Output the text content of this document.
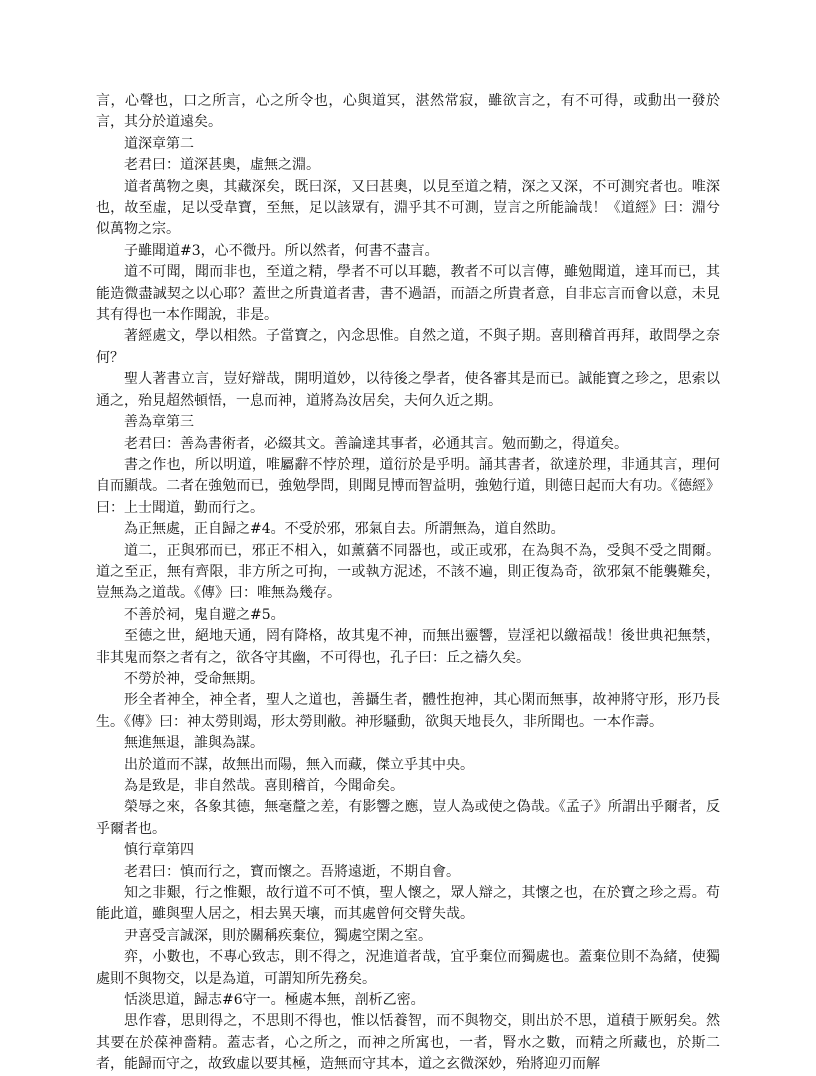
言，心聲也，口之所言，心之所令也，心與道冥，湛然常寂，雖欲言之，有不可得，或動出一發於言，其分於道遠矣。

道深章第二

老君曰：道深甚奧，虛無之淵。

道者萬物之奧，其藏深矣，既曰深，又曰甚奧，以見至道之精，深之又深，不可測究者也。唯深也，故至虛，足以受韋寶，至無，足以該眾有，淵乎其不可測，豈言之所能論哉！《道經》曰：淵兮似萬物之宗。

子雖聞道#3，心不微丹。所以然者，何書不盡言。

道不可聞，聞而非也，至道之精，學者不可以耳聽，教者不可以言傳，雖勉聞道，達耳而已，其能造微盡誠契之以心耶？蓋世之所貴道者書，書不過語，而語之所貴者意，自非忘言而會以意，未見其有得也一本作聞說，非是。

著經處文，學以相然。子當寶之，內念思惟。自然之道，不與子期。喜則稽首再拜，敢問學之奈何？

聖人著書立言，豈好辯哉，開明道妙，以待後之學者，使各審其是而已。誠能寶之珍之，思索以通之，殆見超然頓悟，一息而神，道將為汝居矣，夫何久近之期。

善為章第三

老君曰：善為書術者，必綴其文。善論達其事者，必通其言。勉而勤之，得道矣。

書之作也，所以明道，唯屬辭不悖於理，道衍於是乎明。誦其書者，欲達於理，非通其言，理何自而顯哉。二者在強勉而已，強勉學問，則聞見博而智益明，強勉行道，則德日起而大有功。《德經》曰：上士聞道，勤而行之。

為正無處，正自歸之#4。不受於邪，邪氣自去。所謂無為，道自然助。

道二，正與邪而已，邪正不相入，如薰蕕不同器也，或正或邪，在為與不為，受與不受之間爾。道之至正，無有齊限，非方所之可拘，一或執方泥述，不該不遍，則正復為奇，欲邪氣不能襲難矣，豈無為之道哉。《傳》曰：唯無為幾存。

不善於祠，鬼自避之#5。

至德之世，絕地天通，罔有降格，故其鬼不神，而無出靈響，豈淫祀以繳福哉！後世典祀無禁，非其鬼而祭之者有之，欲各守其幽，不可得也，孔子曰：丘之禱久矣。

不勞於神，受命無期。

形全者神全，神全者，聖人之道也，善攝生者，體性抱神，其心閑而無事，故神將守形，形乃長生。《傳》曰：神太勞則竭，形太勞則敝。神形騷動，欲與天地長久，非所聞也。一本作壽。

無進無退，誰與為謀。

出於道而不謀，故無出而陽，無入而藏，傑立乎其中央。

為是致是，非自然哉。喜則稽首，今聞命矣。

榮辱之來，各象其德，無毫釐之差，有影響之應，豈人為或使之偽哉。《孟子》所謂出乎爾者，反乎爾者也。

慎行章第四

老君曰：慎而行之，寶而懷之。吾將遠逝，不期自會。

知之非艱，行之惟艱，故行道不可不慎，聖人懷之，眾人辯之，其懷之也，在於寶之珍之焉。苟能此道，雖與聖人居之，相去異天壤，而其處曾何交臂失哉。

尹喜受言誠深，則於關稱疾棄位，獨處空閑之室。

弈，小數也，不專心致志，則不得之，況進道者哉，宜乎棄位而獨處也。蓋棄位則不為緒，使獨處則不與物交，以是為道，可謂知所先務矣。

恬淡思道，歸志#6守一。極處本無，剖析乙密。

思作睿，思則得之，不思則不得也，惟以恬養智，而不與物交，則出於不思，道積于厥躬矣。然其要在於葆神嗇精。蓋志者，心之所之，而神之所寓也，一者，腎水之數，而精之所藏也，於斯二者，能歸而守之，故致虛以要其極，造無而守其本，道之玄微深妙，殆將迎刃而解
